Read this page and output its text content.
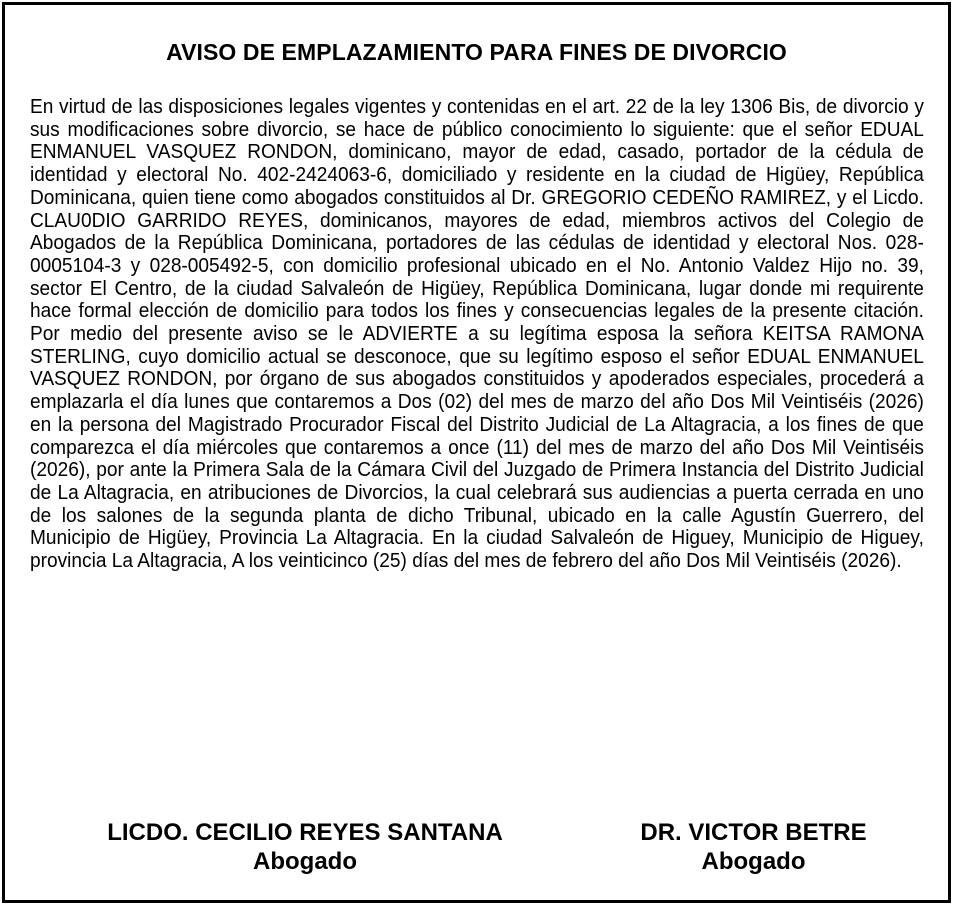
AVISO DE EMPLAZAMIENTO PARA FINES DE DIVORCIO

En virtud de las disposiciones legales vigentes y contenidas en el art. 22 de la ley 1306 Bis, de divorcio y sus modificaciones sobre divorcio, se hace de público conocimiento lo siguiente: que el señor EDUAL ENMANUEL VASQUEZ RONDON, dominicano, mayor de edad, casado, portador de la cédula de identidad y electoral No. 402-2424063-6, domiciliado y residente en la ciudad de Higüey, República Dominicana, quien tiene como abogados constituidos al Dr. GREGORIO CEDEÑO RAMIREZ, y el Licdo. CLAU0DIO GARRIDO REYES, dominicanos, mayores de edad, miembros activos del Colegio de Abogados de la República Dominicana, portadores de las cédulas de identidad y electoral Nos. 028-0005104-3 y 028-005492-5, con domicilio profesional ubicado en el No. Antonio Valdez Hijo no. 39, sector El Centro, de la ciudad Salvaleón de Higüey, República Dominicana, lugar donde mi requirente hace formal elección de domicilio para todos los fines y consecuencias legales de la presente citación. Por medio del presente aviso se le ADVIERTE a su legítima esposa la señora KEITSA RAMONA STERLING, cuyo domicilio actual se desconoce, que su legítimo esposo el señor EDUAL ENMANUEL VASQUEZ RONDON, por órgano de sus abogados constituidos y apoderados especiales, procederá a emplazarla el día lunes que contaremos a Dos (02) del mes de marzo del año Dos Mil Veintiséis (2026) en la persona del Magistrado Procurador Fiscal del Distrito Judicial de La Altagracia, a los fines de que comparezca el día miércoles que contaremos a once (11) del mes de marzo del año Dos Mil Veintiséis (2026), por ante la Primera Sala de la Cámara Civil del Juzgado de Primera Instancia del Distrito Judicial de La Altagracia, en atribuciones de Divorcios, la cual celebrará sus audiencias a puerta cerrada en uno de los salones de la segunda planta de dicho Tribunal, ubicado en la calle Agustín Guerrero, del Municipio de Higüey, Provincia La Altagracia. En la ciudad Salvaleón de Higuey, Municipio de Higuey, provincia La Altagracia, A los veinticinco (25) días del mes de febrero del año Dos Mil Veintiséis (2026).

LICDO. CECILIO REYES SANTANA
Abogado
DR. VICTOR BETRE
Abogado
